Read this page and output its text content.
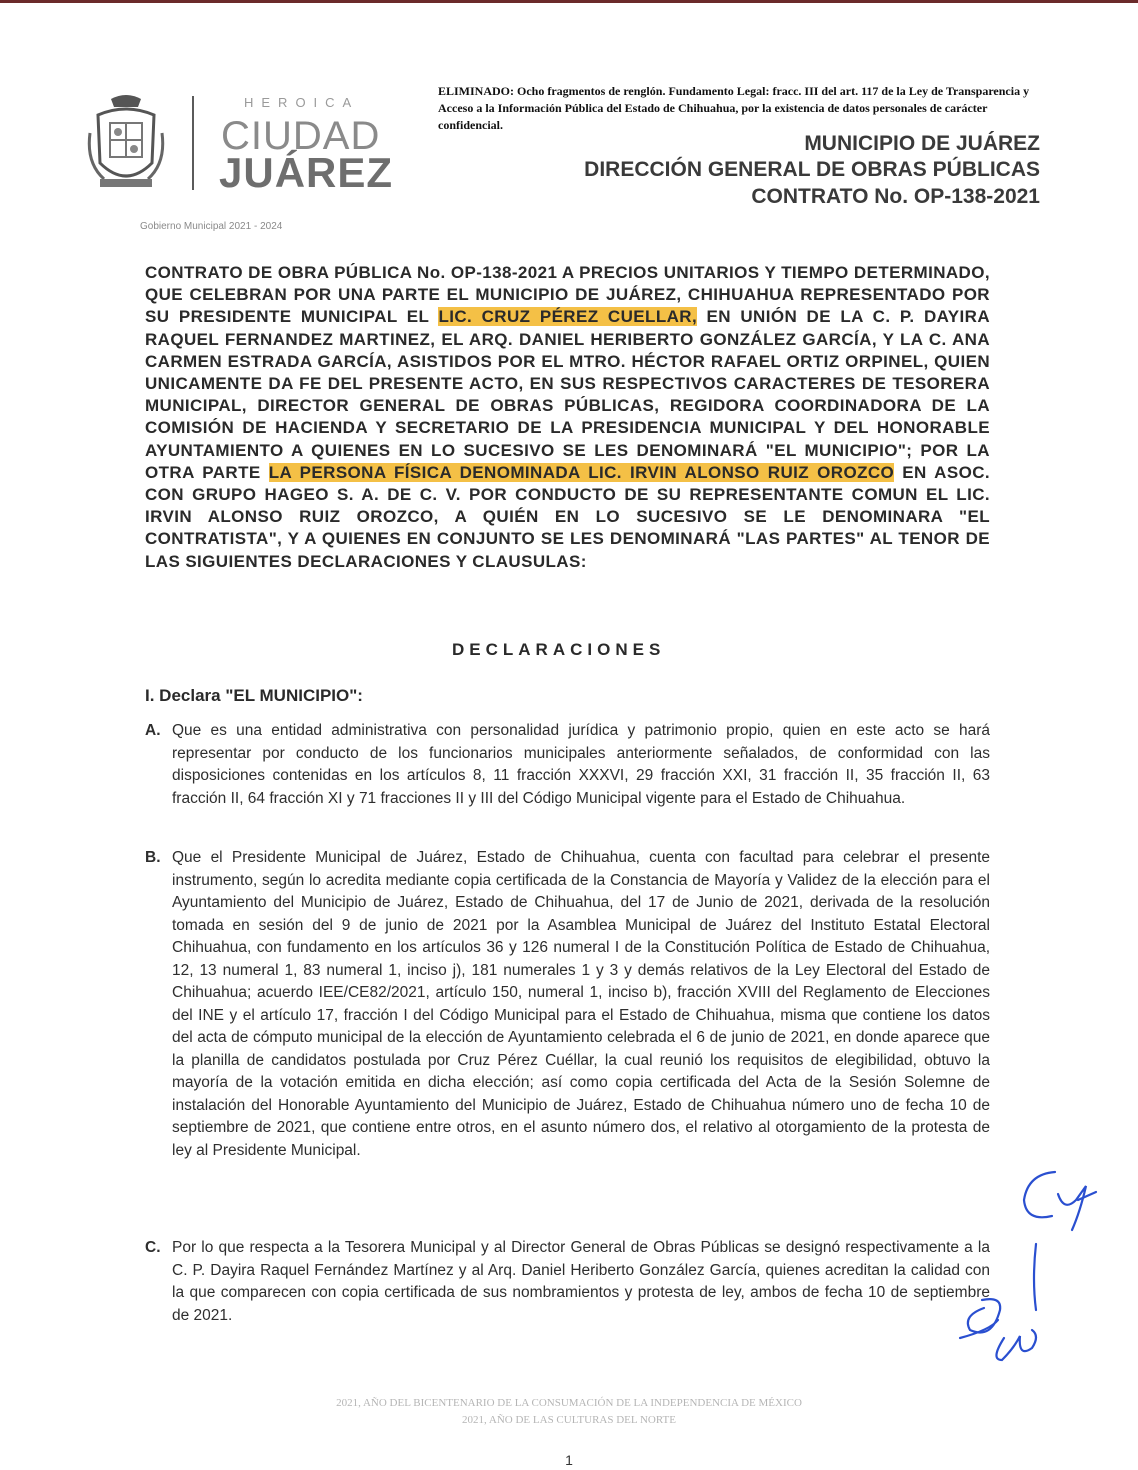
HEROICA
CIUDAD
JUÁREZ
Gobierno Municipal 2021 - 2024
ELIMINADO: Ocho fragmentos de renglón. Fundamento Legal: fracc. III del art. 117 de la Ley de Transparencia y Acceso a la Información Pública del Estado de Chihuahua, por la existencia de datos personales de carácter confidencial.
MUNICIPIO DE JUÁREZ
DIRECCIÓN GENERAL DE OBRAS PÚBLICAS
CONTRATO No. OP-138-2021
CONTRATO DE OBRA PÚBLICA No. OP-138-2021 A PRECIOS UNITARIOS Y TIEMPO DETERMINADO, QUE CELEBRAN POR UNA PARTE EL MUNICIPIO DE JUÁREZ, CHIHUAHUA REPRESENTADO POR SU PRESIDENTE MUNICIPAL EL LIC. CRUZ PÉREZ CUELLAR, EN UNIÓN DE LA C. P. DAYIRA RAQUEL FERNANDEZ MARTINEZ, EL ARQ. DANIEL HERIBERTO GONZÁLEZ GARCÍA, Y LA C. ANA CARMEN ESTRADA GARCÍA, ASISTIDOS POR EL MTRO. HÉCTOR RAFAEL ORTIZ ORPINEL, QUIEN UNICAMENTE DA FE DEL PRESENTE ACTO, EN SUS RESPECTIVOS CARACTERES DE TESORERA MUNICIPAL, DIRECTOR GENERAL DE OBRAS PÚBLICAS, REGIDORA COORDINADORA DE LA COMISIÓN DE HACIENDA Y SECRETARIO DE LA PRESIDENCIA MUNICIPAL Y DEL HONORABLE AYUNTAMIENTO A QUIENES EN LO SUCESIVO SE LES DENOMINARÁ "EL MUNICIPIO"; POR LA OTRA PARTE LA PERSONA FÍSICA DENOMINADA LIC. IRVIN ALONSO RUIZ OROZCO EN ASOC. CON GRUPO HAGEO S. A. DE C. V. POR CONDUCTO DE SU REPRESENTANTE COMUN EL LIC. IRVIN ALONSO RUIZ OROZCO, A QUIÉN EN LO SUCESIVO SE LE DENOMINARA "EL CONTRATISTA", Y A QUIENES EN CONJUNTO SE LES DENOMINARÁ "LAS PARTES" AL TENOR DE LAS SIGUIENTES DECLARACIONES Y CLAUSULAS:
DECLARACIONES
I. Declara "EL MUNICIPIO":
A. Que es una entidad administrativa con personalidad jurídica y patrimonio propio, quien en este acto se hará representar por conducto de los funcionarios municipales anteriormente señalados, de conformidad con las disposiciones contenidas en los artículos 8, 11 fracción XXXVI, 29 fracción XXI, 31 fracción II, 35 fracción II, 63 fracción II, 64 fracción XI y 71 fracciones II y III del Código Municipal vigente para el Estado de Chihuahua.
B. Que el Presidente Municipal de Juárez, Estado de Chihuahua, cuenta con facultad para celebrar el presente instrumento, según lo acredita mediante copia certificada de la Constancia de Mayoría y Validez de la elección para el Ayuntamiento del Municipio de Juárez, Estado de Chihuahua, del 17 de Junio de 2021, derivada de la resolución tomada en sesión del 9 de junio de 2021 por la Asamblea Municipal de Juárez del Instituto Estatal Electoral Chihuahua, con fundamento en los artículos 36 y 126 numeral I de la Constitución Política de Estado de Chihuahua, 12, 13 numeral 1, 83 numeral 1, inciso j), 181 numerales 1 y 3 y demás relativos de la Ley Electoral del Estado de Chihuahua; acuerdo IEE/CE82/2021, artículo 150, numeral 1, inciso b), fracción XVIII del Reglamento de Elecciones del INE y el artículo 17, fracción I del Código Municipal para el Estado de Chihuahua, misma que contiene los datos del acta de cómputo municipal de la elección de Ayuntamiento celebrada el 6 de junio de 2021, en donde aparece que la planilla de candidatos postulada por Cruz Pérez Cuéllar, la cual reunió los requisitos de elegibilidad, obtuvo la mayoría de la votación emitida en dicha elección; así como copia certificada del Acta de la Sesión Solemne de instalación del Honorable Ayuntamiento del Municipio de Juárez, Estado de Chihuahua número uno de fecha 10 de septiembre de 2021, que contiene entre otros, en el asunto número dos, el relativo al otorgamiento de la protesta de ley al Presidente Municipal.
C. Por lo que respecta a la Tesorera Municipal y al Director General de Obras Públicas se designó respectivamente a la C. P. Dayira Raquel Fernández Martínez y al Arq. Daniel Heriberto González García, quienes acreditan la calidad con la que comparecen con copia certificada de sus nombramientos y protesta de ley, ambos de fecha 10 de septiembre de 2021.
2021, AÑO DEL BICENTENARIO DE LA CONSUMACIÓN DE LA INDEPENDENCIA DE MÉXICO
2021, AÑO DE LAS CULTURAS DEL NORTE
1
